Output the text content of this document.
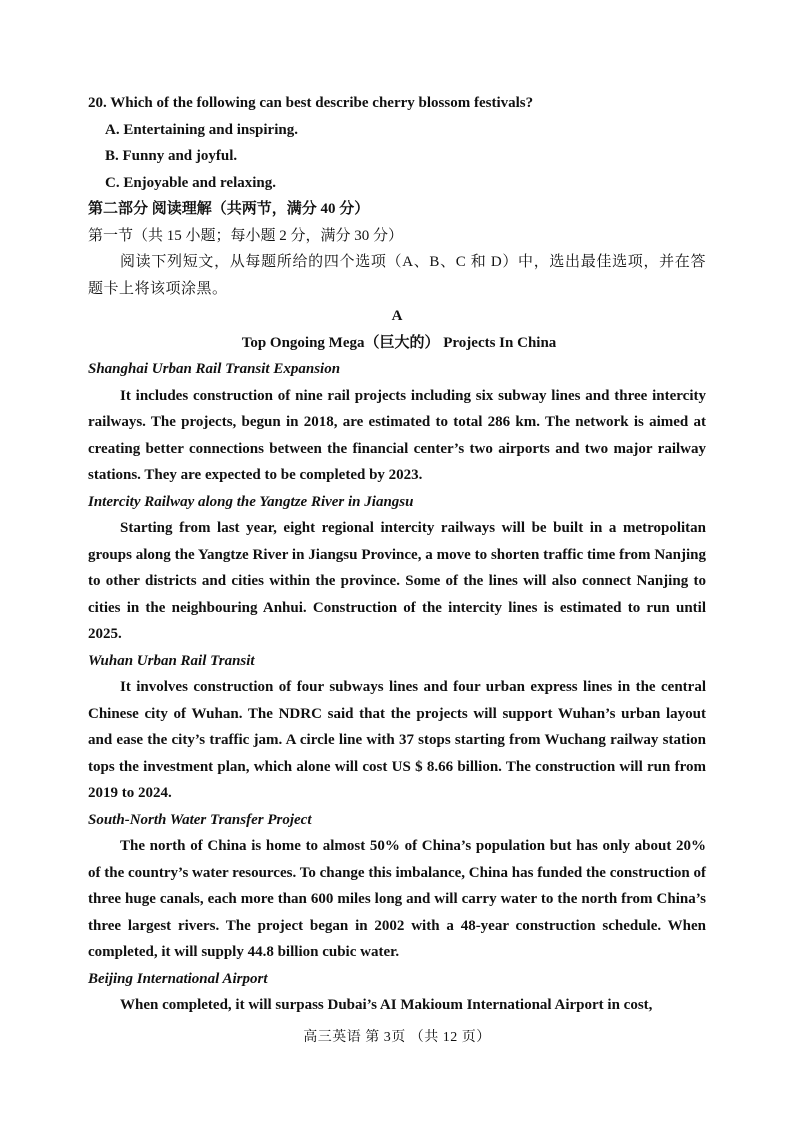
20. Which of the following can best describe cherry blossom festivals?

A. Entertaining and inspiring.

B. Funny and joyful.

C. Enjoyable and relaxing.

第二部分 阅读理解（共两节，满分 40 分）

第一节（共 15 小题；每小题 2 分，满分 30 分）

阅读下列短文，从每题所给的四个选项（A、B、C 和 D）中，选出最佳选项，并在答题卡上将该项涂黑。

A

Top Ongoing Mega（巨大的） Projects In China

Shanghai Urban Rail Transit Expansion

It includes construction of nine rail projects including six subway lines and three intercity railways. The projects, begun in 2018, are estimated to total 286 km. The network is aimed at creating better connections between the financial center’s two airports and two major railway stations. They are expected to be completed by 2023.

Intercity Railway along the Yangtze River in Jiangsu

Starting from last year, eight regional intercity railways will be built in a metropolitan groups along the Yangtze River in Jiangsu Province, a move to shorten traffic time from Nanjing to other districts and cities within the province. Some of the lines will also connect Nanjing to cities in the neighbouring Anhui. Construction of the intercity lines is estimated to run until 2025.

Wuhan Urban Rail Transit

It involves construction of four subways lines and four urban express lines in the central Chinese city of Wuhan. The NDRC said that the projects will support Wuhan’s urban layout and ease the city’s traffic jam. A circle line with 37 stops starting from Wuchang railway station tops the investment plan, which alone will cost US $ 8.66 billion. The construction will run from 2019 to 2024.

South-North Water Transfer Project

The north of China is home to almost 50% of China’s population but has only about 20% of the country’s water resources. To change this imbalance, China has funded the construction of three huge canals, each more than 600 miles long and will carry water to the north from China’s three largest rivers. The project began in 2002 with a 48-year construction schedule. When completed, it will supply 44.8 billion cubic water.

Beijing International Airport

When completed, it will surpass Dubai’s AI Makioum International Airport in cost,

高三英语 第 3页 （共 12 页）
